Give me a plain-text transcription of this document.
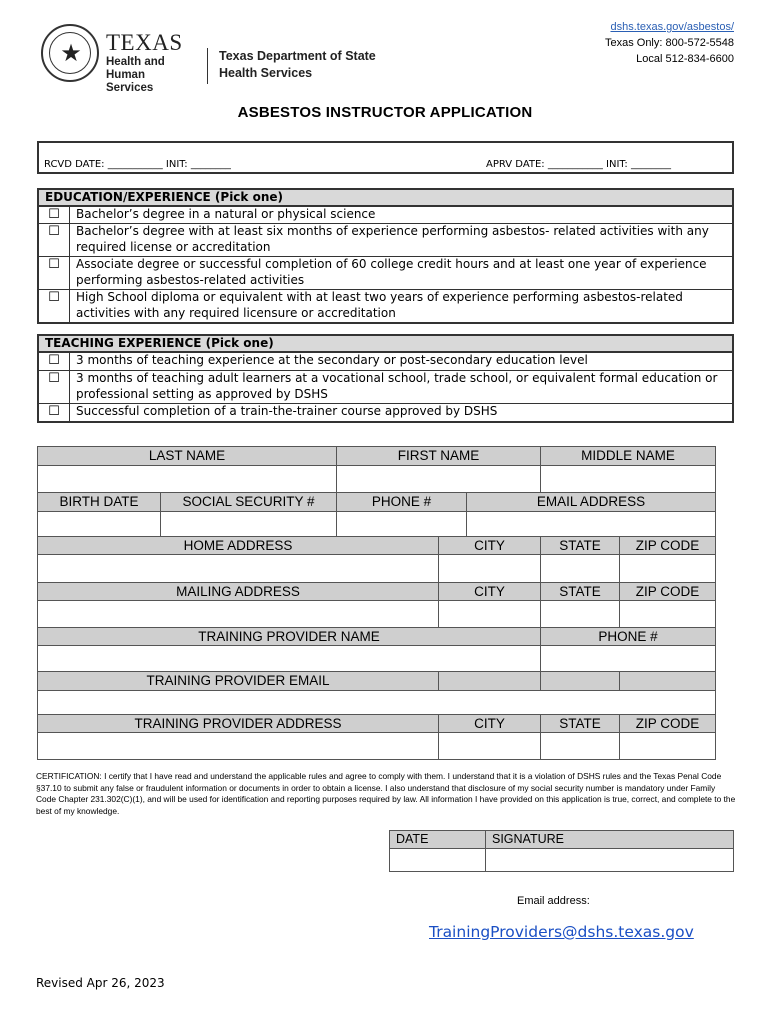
★	TEXAS
Health and Human
Services
Texas Department of State
Health Services
dshs.texas.gov/asbestos/
Texas Only: 800-572-5548
Local 512-834-6600
ASBESTOS INSTRUCTOR APPLICATION
RCVD DATE: ___________ INIT: ________	APRV DATE: ___________ INIT: ________
EDUCATION/EXPERIENCE (Pick one)
☐	Bachelor’s degree in a natural or physical science
☐	Bachelor’s degree with at least six months of experience performing asbestos- related activities with any required license or accreditation
☐	Associate degree or successful completion of 60 college credit hours and at least one year of experience performing asbestos-related activities
☐	High School diploma or equivalent with at least two years of experience performing asbestos-related activities with any required licensure or accreditation
TEACHING EXPERIENCE (Pick one)
☐	3 months of teaching experience at the secondary or post-secondary education level
☐	3 months of teaching adult learners at a vocational school, trade school, or equivalent formal education or professional setting as approved by DSHS
☐	Successful completion of a train-the-trainer course approved by DSHS
LAST NAME	FIRST NAME	MIDDLE NAME
BIRTH DATE	SOCIAL SECURITY #	PHONE #	EMAIL ADDRESS
HOME ADDRESS	CITY	STATE	ZIP CODE
MAILING ADDRESS	CITY	STATE	ZIP CODE
TRAINING PROVIDER NAME	PHONE #
TRAINING PROVIDER EMAIL
TRAINING PROVIDER ADDRESS	CITY	STATE	ZIP CODE
CERTIFICATION: I certify that I have read and understand the applicable rules and agree to comply with them. I understand that it is a violation of DSHS rules and the Texas Penal Code §37.10 to submit any false or fraudulent information or documents in order to obtain a license. I also understand that disclosure of my social security number is mandatory under Family Code Chapter 231.302(C)(1), and will be used for identification and reporting purposes required by law. All information I have provided on this application is true, correct, and complete to the best of my knowledge.
DATE	SIGNATURE
Email address:
TrainingProviders@dshs.texas.gov
Revised Apr 26, 2023
